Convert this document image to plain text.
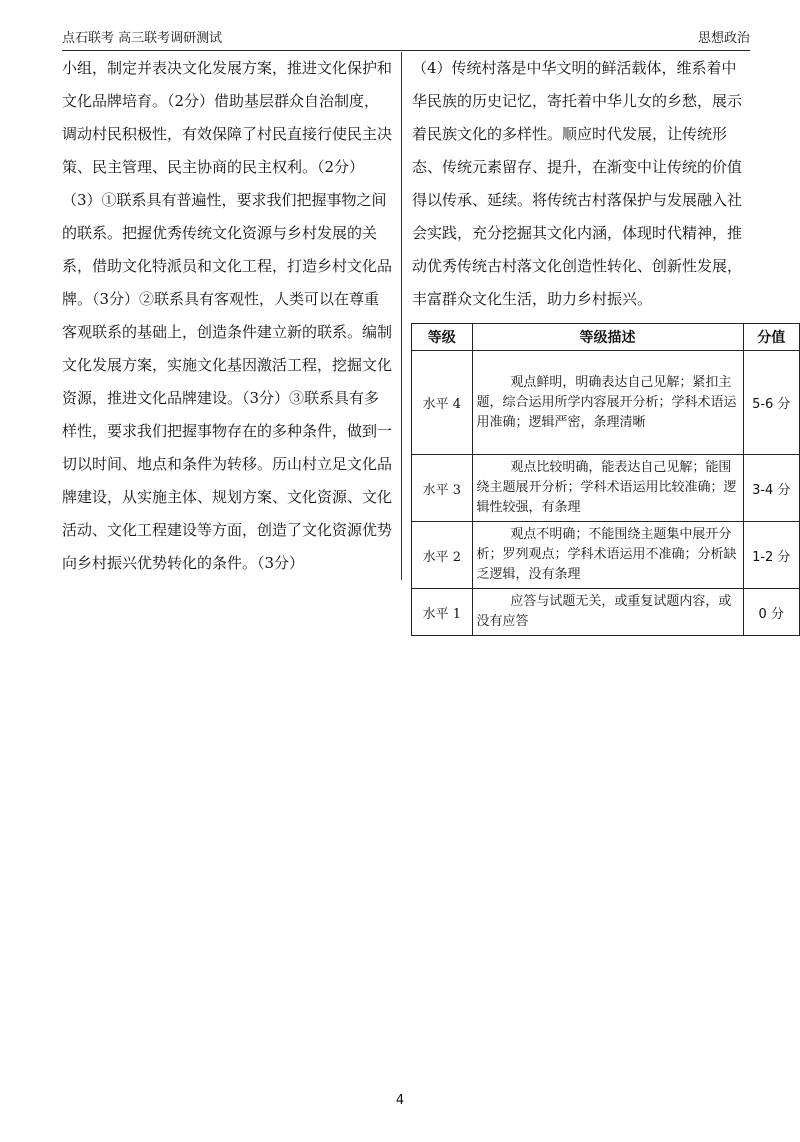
点石联考 高三联考调研测试	思想政治

小组，制定并表决文化发展方案，推进文化保护和文化品牌培育。（2分）借助基层群众自治制度，调动村民积极性，有效保障了村民直接行使民主决策、民主管理、民主协商的民主权利。（2分）

（3）①联系具有普遍性，要求我们把握事物之间的联系。把握优秀传统文化资源与乡村发展的关系，借助文化特派员和文化工程，打造乡村文化品牌。（3分）②联系具有客观性，人类可以在尊重客观联系的基础上，创造条件建立新的联系。编制文化发展方案，实施文化基因激活工程，挖掘文化资源，推进文化品牌建设。（3分）③联系具有多样性，要求我们把握事物存在的多种条件，做到一切以时间、地点和条件为转移。历山村立足文化品牌建设，从实施主体、规划方案、文化资源、文化活动、文化工程建设等方面，创造了文化资源优势向乡村振兴优势转化的条件。（3分）

（4）传统村落是中华文明的鲜活载体，维系着中华民族的历史记忆，寄托着中华儿女的乡愁，展示着民族文化的多样性。顺应时代发展，让传统形态、传统元素留存、提升，在渐变中让传统的价值得以传承、延续。将传统古村落保护与发展融入社会实践，充分挖掘其文化内涵，体现时代精神，推动优秀传统古村落文化创造性转化、创新性发展，丰富群众文化生活，助力乡村振兴。

等级	等级描述	分值
水平 4	观点鲜明，明确表达自己见解；紧扣主题，综合运用所学内容展开分析；学科术语运用准确；逻辑严密，条理清晰	5-6 分
水平 3	观点比较明确，能表达自己见解；能围绕主题展开分析；学科术语运用比较准确；逻辑性较强，有条理	3-4 分
水平 2	观点不明确；不能围绕主题集中展开分析；罗列观点；学科术语运用不准确；分析缺乏逻辑，没有条理	1-2 分
水平 1	应答与试题无关，或重复试题内容，或没有应答	0 分
4
